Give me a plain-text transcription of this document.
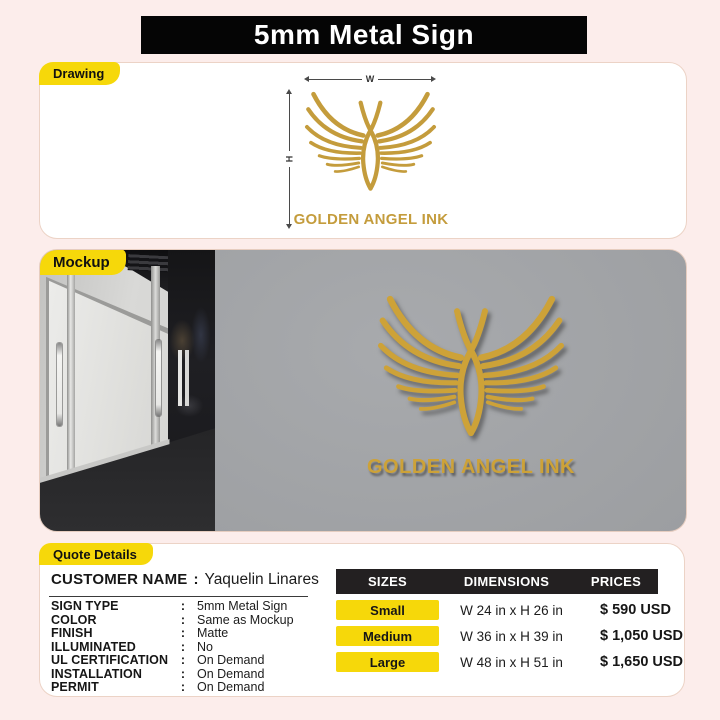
5mm Metal Sign
Drawing	W
H
GOLDEN ANGEL INK
Mockup
GOLDEN ANGEL INK
Quote Details
CUSTOMER NAME : Yaquelin Linares
SIGN TYPE	: 5mm Metal Sign
COLOR	: Same as Mockup
FINISH	: Matte
ILLUMINATED	: No
UL CERTIFICATION	: On Demand
INSTALLATION	: On Demand
PERMIT	: On Demand
SIZES	DIMENSIONS	PRICES
Small	W 24 in x H 26 in	$ 590 USD
Medium	W 36 in x H 39 in	$ 1,050 USD
Large	W 48 in x H 51 in	$ 1,650 USD
